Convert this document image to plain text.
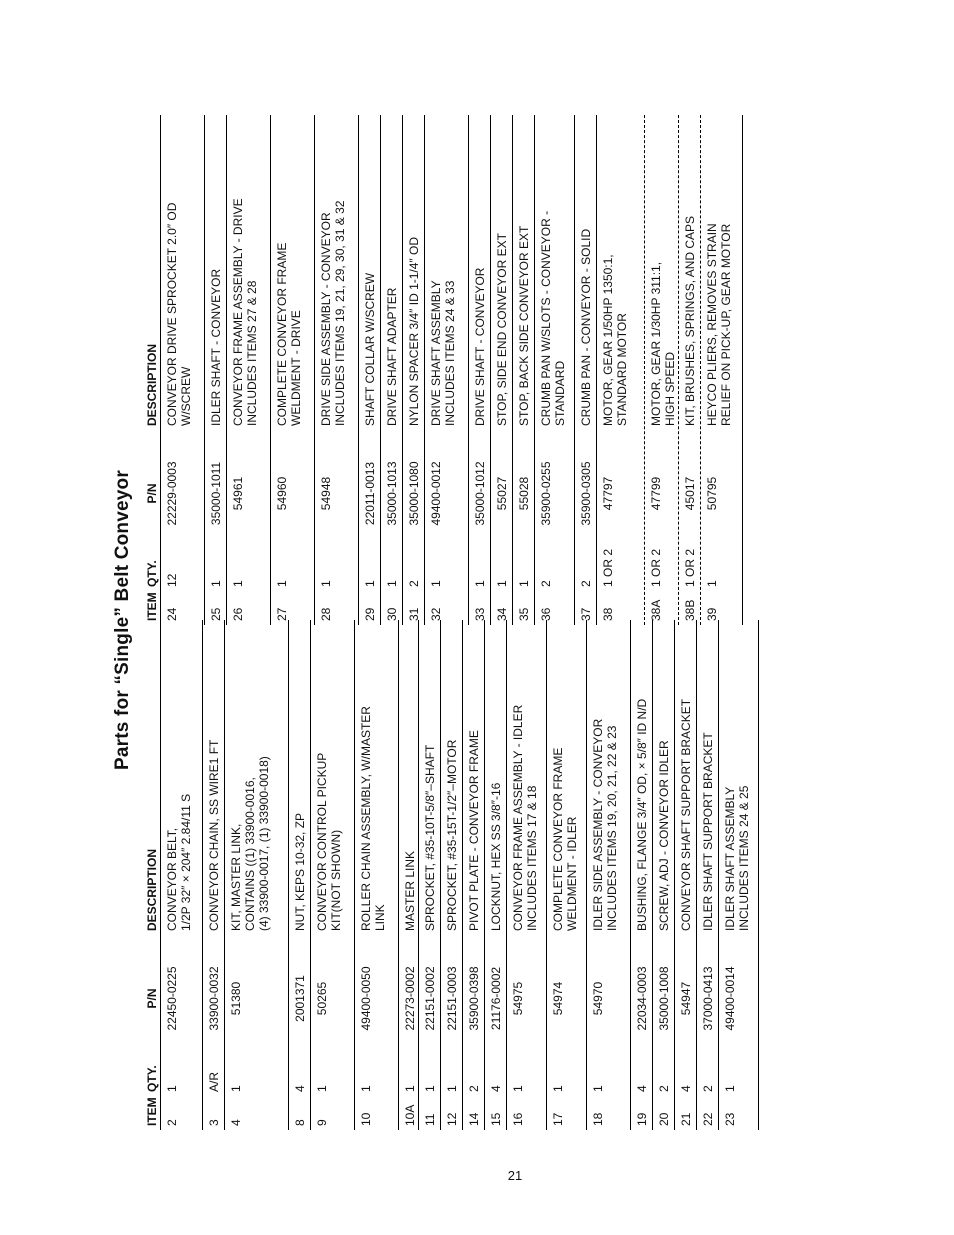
Parts for “Single” Belt Conveyor
ITEM
QTY.
P/N
DESCRIPTION
2
1
22450-0225
CONVEYOR BELT,
1/2P 32″ × 204″ 2.84/11 S
3
A/R
33900-0032
CONVEYOR CHAIN, SS WIRE1 FT
4
1
51380
KIT, MASTER LINK,
CONTAINS ((1) 33900-0016,
(4) 33900-0017, (1) 33900-0018)
8
4
2001371
NUT, KEPS 10-32, ZP
9
1
50265
CONVEYOR CONTROL PICKUP
KIT(NOT SHOWN)
10
1
49400-0050
ROLLER CHAIN ASSEMBLY, W/MASTER
LINK
10A
1
22273-0002
MASTER LINK
11
1
22151-0002
SPROCKET, #35-10T-5/8″–SHAFT
12
1
22151-0003
SPROCKET, #35-15T-1/2″–MOTOR
14
2
35900-0398
PIVOT PLATE - CONVEYOR FRAME
15
4
21176-0002
LOCKNUT, HEX SS 3/8″-16
16
1
54975
CONVEYOR FRAME ASSEMBLY - IDLER
INCLUDES ITEMS 17 & 18
17
1
54974
COMPLETE CONVEYOR FRAME
WELDMENT - IDLER
18
1
54970
IDLER SIDE ASSEMBLY - CONVEYOR
INCLUDES ITEMS 19, 20, 21, 22 & 23
19
4
22034-0003
BUSHING, FLANGE 3/4″ OD, × 5/8″ ID N/D
20
2
35000-1008
SCREW, ADJ - CONVEYOR IDLER
21
4
54947
CONVEYOR SHAFT SUPPORT BRACKET
22
2
37000-0413
IDLER SHAFT SUPPORT BRACKET
23
1
49400-0014
IDLER SHAFT ASSEMBLY
INCLUDES ITEMS 24 & 25
ITEM
QTY.
P/N
DESCRIPTION
24
12
22229-0003
CONVEYOR DRIVE SPROCKET 2.0″ OD
W/SCREW
25
1
35000-1011
IDLER SHAFT - CONVEYOR
26
1
54961
CONVEYOR FRAME ASSEMBLY - DRIVE
INCLUDES ITEMS 27 & 28
27
1
54960
COMPLETE CONVEYOR FRAME
WELDMENT - DRIVE
28
1
54948
DRIVE SIDE ASSEMBLY - CONVEYOR
INCLUDES ITEMS 19, 21, 29, 30, 31 & 32
29
1
22011-0013
SHAFT COLLAR W/SCREW
30
1
35000-1013
DRIVE SHAFT ADAPTER
31
2
35000-1080
NYLON SPACER 3/4″ ID 1-1/4″ OD
32
1
49400-0012
DRIVE SHAFT ASSEMBLY
INCLUDES ITEMS 24 & 33
33
1
35000-1012
DRIVE SHAFT - CONVEYOR
34
1
55027
STOP, SIDE END CONVEYOR EXT
35
1
55028
STOP, BACK SIDE CONVEYOR EXT
36
2
35900-0255
CRUMB PAN W/SLOTS - CONVEYOR -
STANDARD
37
2
35900-0305
CRUMB PAN - CONVEYOR - SOLID
38
1 OR 2
47797
MOTOR, GEAR 1/50HP 1350:1,
STANDARD MOTOR
38A
1 OR 2
47799
MOTOR, GEAR 1/30HP 311:1,
HIGH SPEED
38B
1 OR 2
45017
KIT, BRUSHES, SPRINGS, AND CAPS
39
1
50795
HEYCO PLIERS, REMOVES STRAIN
RELIEF ON PICK-UP, GEAR MOTOR
21
